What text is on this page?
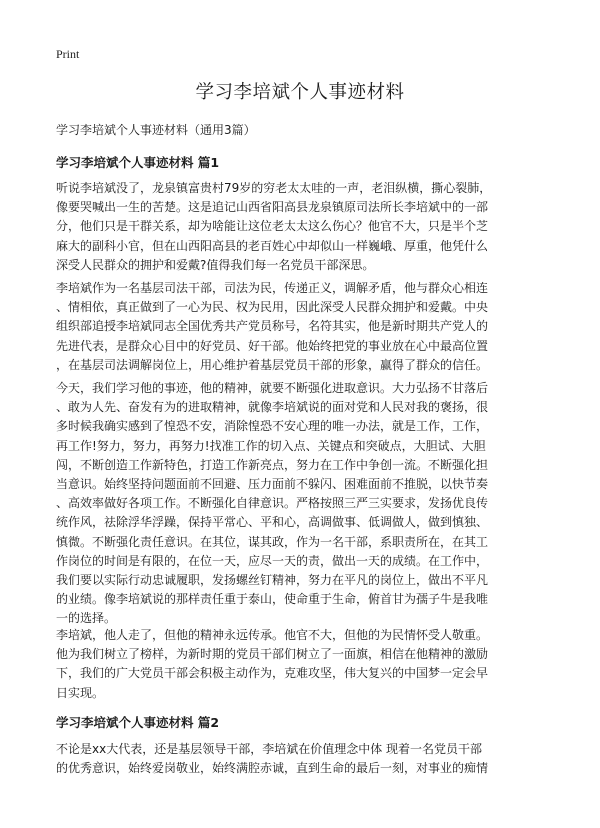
Print
学习李培斌个人事迹材料
学习李培斌个人事迹材料（通用3篇）
学习李培斌个人事迹材料 篇1
听说李培斌没了，龙泉镇富贵村79岁的穷老太太哇的一声，老泪纵横，撕心裂肺，
像要哭喊出一生的苦楚。这是追记山西省阳高县龙泉镇原司法所长李培斌中的一部
分，他们只是干群关系，却为啥能让这位老太太这么伤心？他官不大，只是半个芝
麻大的副科小官，但在山西阳高县的老百姓心中却似山一样巍峨、厚重，他凭什么
深受人民群众的拥护和爱戴?值得我们每一名党员干部深思。
李培斌作为一名基层司法干部，司法为民，传递正义，调解矛盾，他与群众心相连
、情相依，真正做到了一心为民、权为民用，因此深受人民群众拥护和爱戴。中央
组织部追授李培斌同志全国优秀共产党员称号，名符其实，他是新时期共产党人的
先进代表，是群众心目中的好党员、好干部。他始终把党的事业放在心中最高位置
，在基层司法调解岗位上，用心维护着基层党员干部的形象，赢得了群众的信任。
今天，我们学习他的事迹，他的精神，就要不断强化进取意识。大力弘扬不甘落后
、敢为人先、奋发有为的进取精神，就像李培斌说的面对党和人民对我的褒扬，很
多时候我确实感到了惶恐不安，消除惶恐不安心理的唯一办法，就是工作，工作，
再工作!努力，努力，再努力!找准工作的切入点、关键点和突破点，大胆试、大胆
闯，不断创造工作新特色，打造工作新亮点，努力在工作中争创一流。不断强化担
当意识。始终坚持问题面前不回避、压力面前不躲闪、困难面前不推脱，以快节奏
、高效率做好各项工作。不断强化自律意识。严格按照三严三实要求，发扬优良传
统作风，祛除浮华浮躁，保持平常心、平和心，高调做事、低调做人，做到慎独、
慎微。不断强化责任意识。在其位，谋其政，作为一名干部，系职责所在，在其工
作岗位的时间是有限的，在位一天，应尽一天的责，做出一天的成绩。在工作中，
我们要以实际行动忠诚履职，发扬螺丝钉精神，努力在平凡的岗位上，做出不平凡
的业绩。像李培斌说的那样责任重于泰山，使命重于生命，俯首甘为孺子牛是我唯
一的选择。
李培斌，他人走了，但他的精神永远传承。他官不大，但他的为民情怀受人敬重。
他为我们树立了榜样，为新时期的党员干部们树立了一面旗，相信在他精神的激励
下，我们的广大党员干部会积极主动作为，克难攻坚，伟大复兴的中国梦一定会早
日实现。
学习李培斌个人事迹材料 篇2
不论是xx大代表，还是基层领导干部，李培斌在价值理念中体 现着一名党员干部
的优秀意识，始终爱岗敬业，始终满腔赤诚，直到生命的最后一刻，对事业的痴情
